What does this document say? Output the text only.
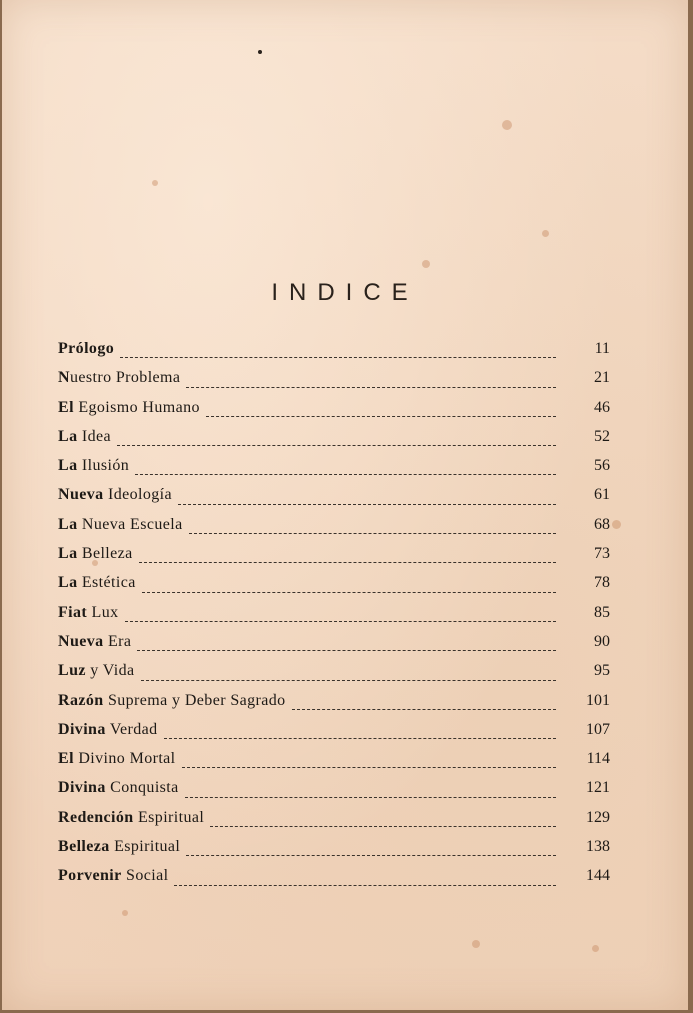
INDICE
Prólogo	11
Nuestro Problema	21
El Egoismo Humano	46
La Idea	52
La Ilusión	56
Nueva Ideología	61
La Nueva Escuela	68
La Belleza	73
La Estética	78
Fiat Lux	85
Nueva Era	90
Luz y Vida	95
Razón Suprema y Deber Sagrado	101
Divina Verdad	107
El Divino Mortal	114
Divina Conquista	121
Redención Espiritual	129
Belleza Espiritual	138
Porvenir Social	144
